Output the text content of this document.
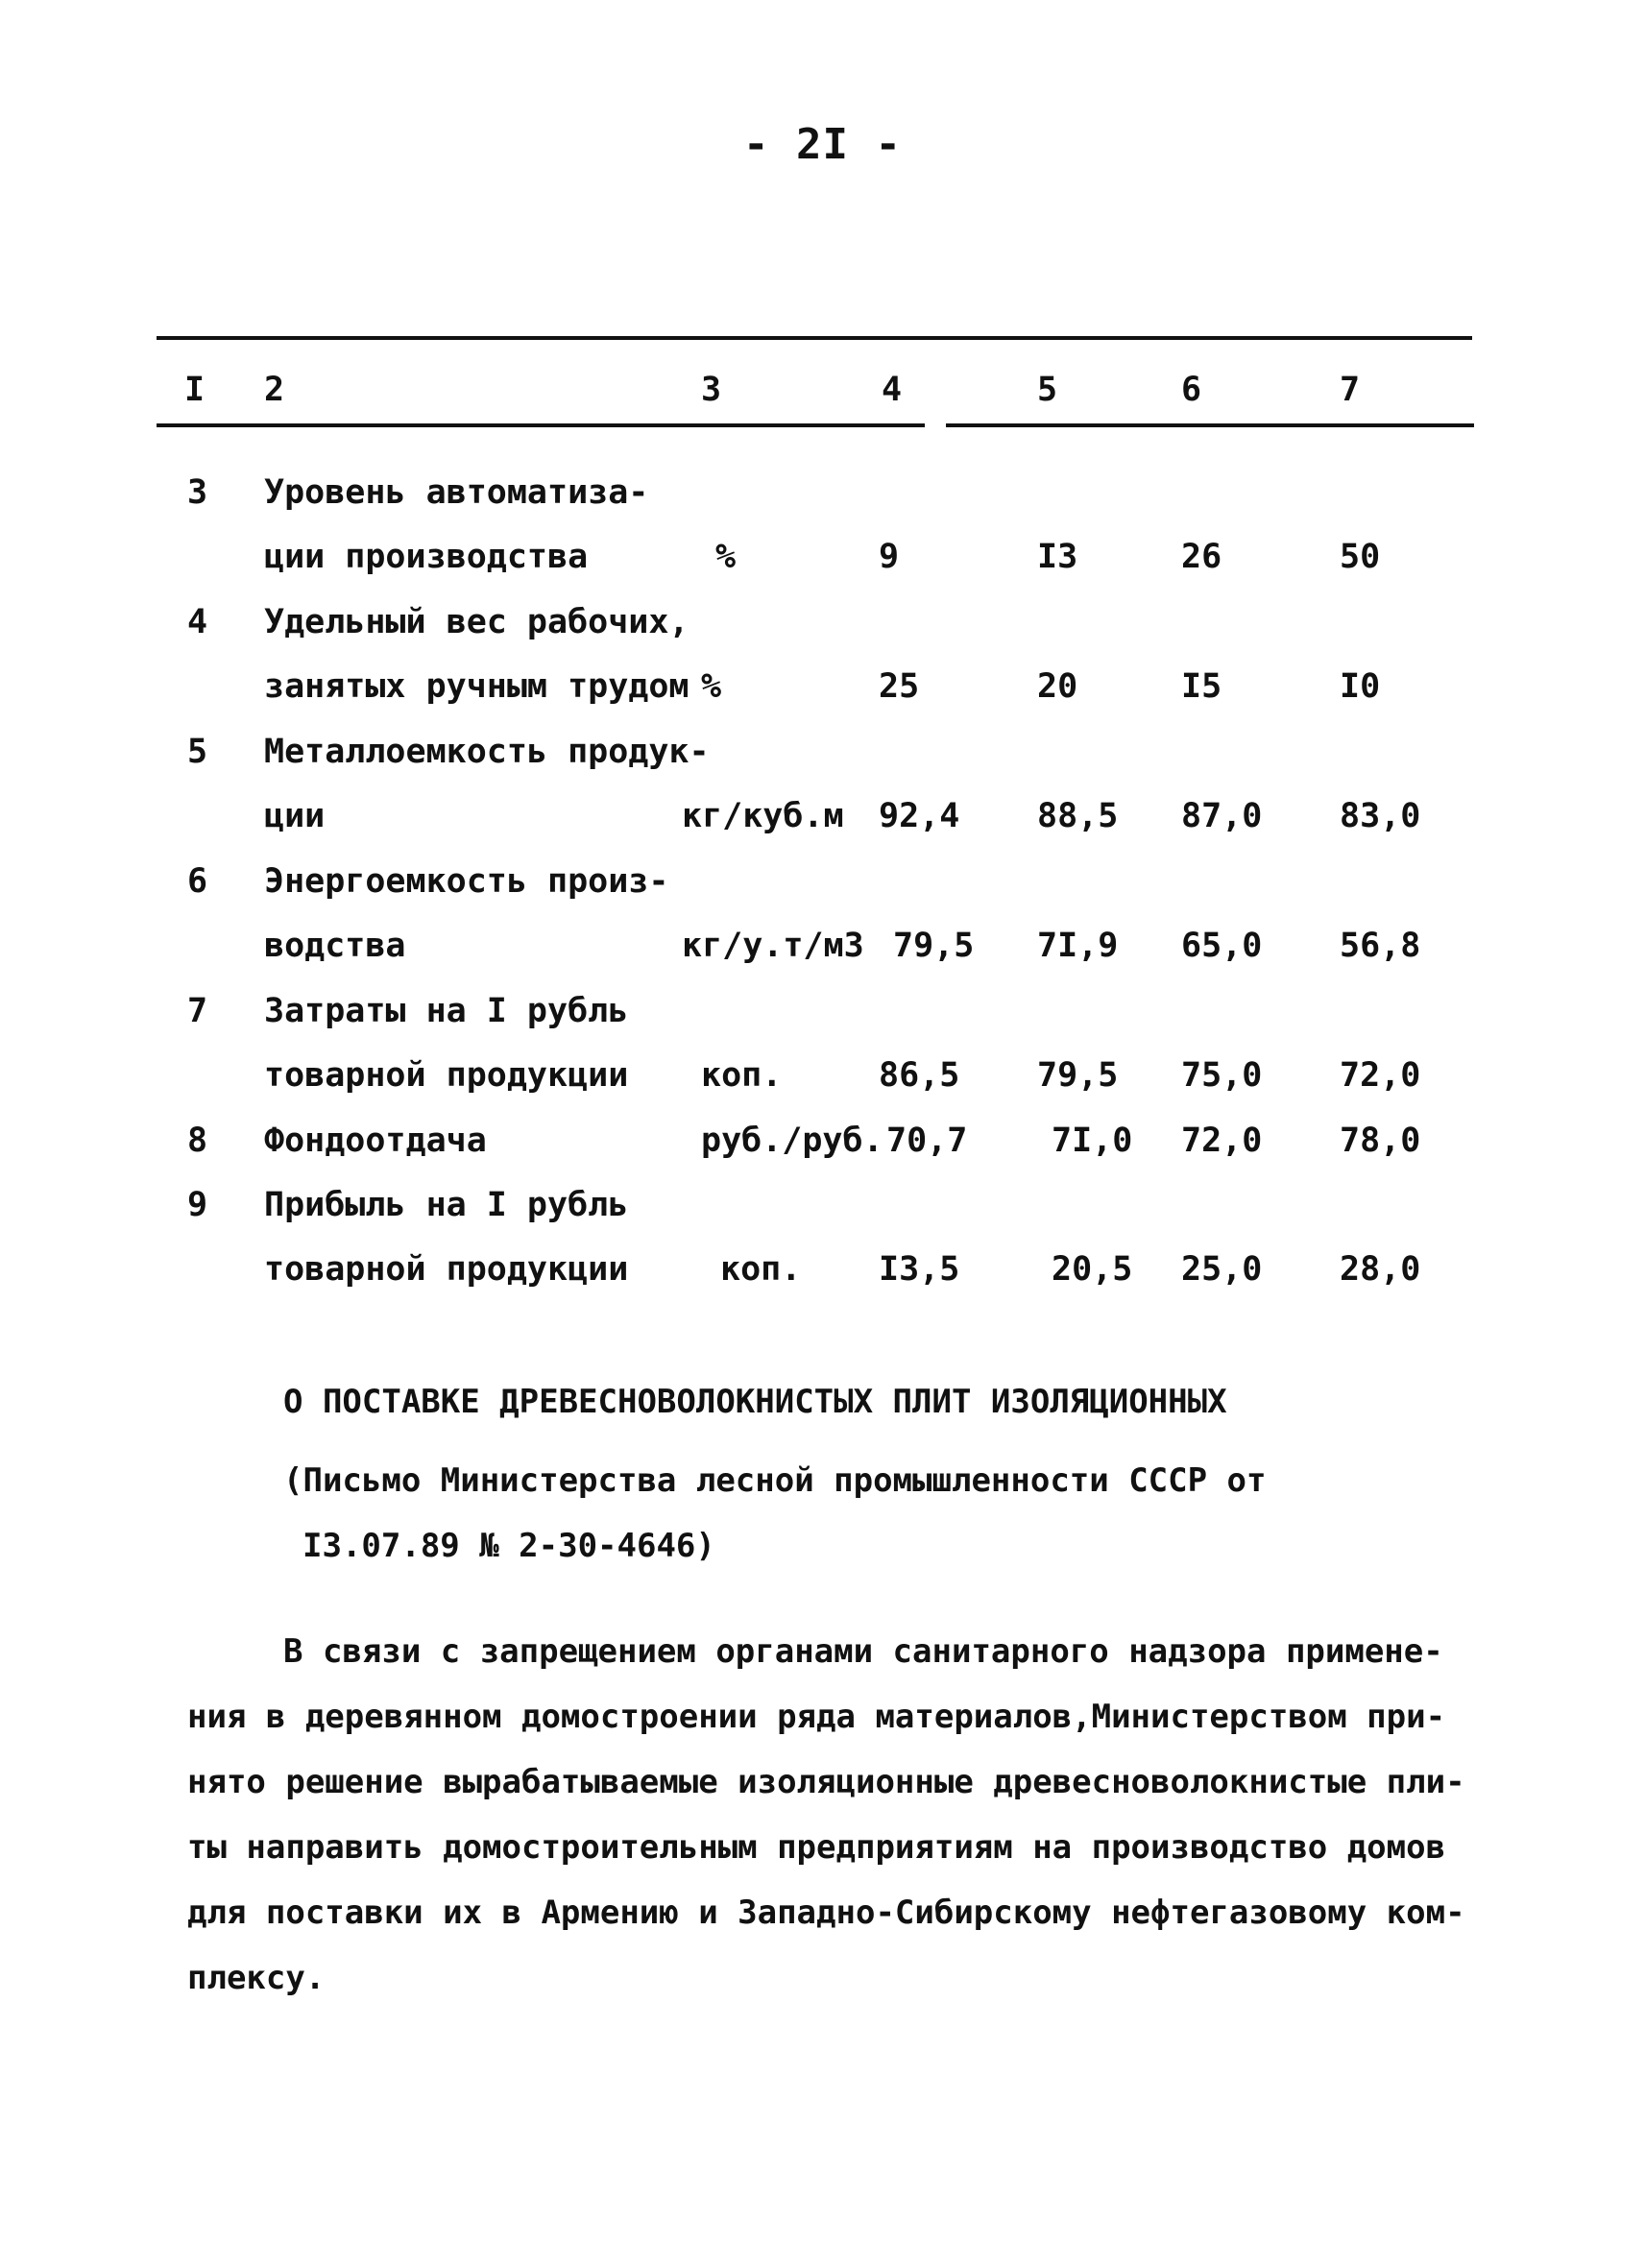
- 2I -
I 2	3	4	5	6	7
3 Уровень автоматиза-
ции производства	%	9	I3	26	50
4 Удельный вес рабочих,
занятых ручным трудом %	25	20	I5	I0
5 Металлоемкость продук-
ции	кг/куб.м 92,4 88,5 87,0 83,0
6 Энергоемкость произ-
водства	кг/у.т/м3 79,5 7I,9 65,0 56,8
7 Затраты на I рубль
товарной продукции коп.	86,5 79,5 75,0 72,0
8 Фондоотдача	руб./руб. 70,7	7I,0 72,0 78,0
9 Прибыль на I рубль
товарной продукции	коп. I3,5	20,5 25,0 28,0
О ПОСТАВКЕ ДРЕВЕСНОВОЛОКНИСТЫХ ПЛИТ ИЗОЛЯЦИОННЫХ
(Письмо Министерства лесной промышленности СССР от
I3.07.89 № 2-30-4646)
В связи с запрещением органами санитарного надзора применe-
ния в деревянном домостроении ряда материалов,Министерством при-
нято решение вырабатываемые изоляционные древесноволокнистые пли-
ты направить домостроительным предприятиям на производство домов
для поставки их в Армению и Западно-Сибирскому нефтегазовому ком-
плексу.
